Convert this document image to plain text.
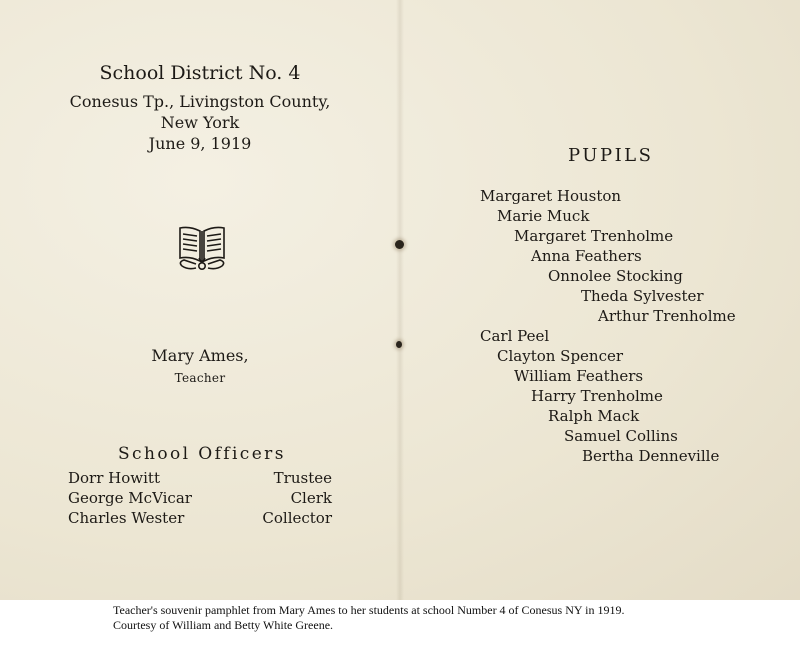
School District No. 4
Conesus Tp., Livingston County,
New York
June 9, 1919
Mary Ames,
Teacher
School Officers
Dorr Howitt	Trustee
George McVicar	Clerk
Charles Wester	Collector
PUPILS
Margaret Houston
Marie Muck
Margaret Trenholme
Anna Feathers
Onnolee Stocking
Theda Sylvester
Arthur Trenholme
Carl Peel
Clayton Spencer
William Feathers
Harry Trenholme
Ralph Mack
Samuel Collins
Bertha Denneville
Teacher's souvenir pamphlet from Mary Ames to her students at school Number 4 of Conesus NY in 1919.
Courtesy of William and Betty White Greene.
